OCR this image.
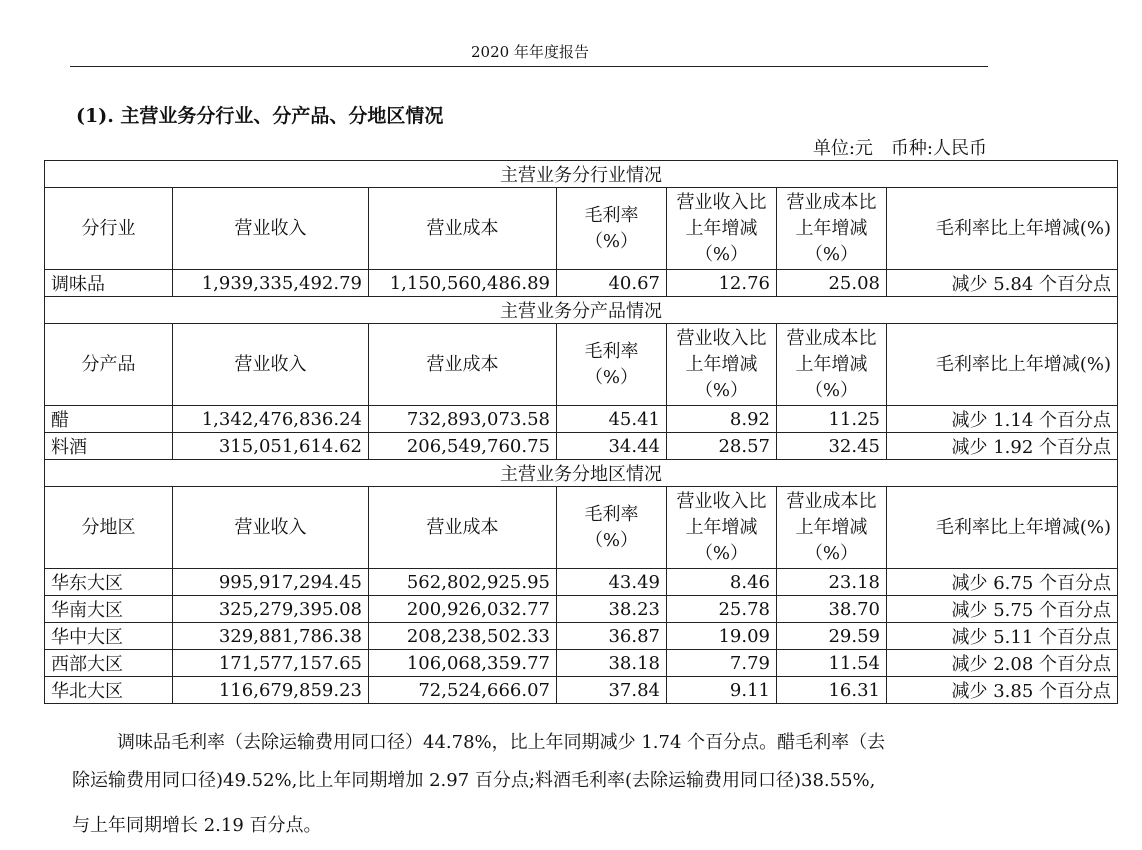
2020 年年度报告
(1). 主营业务分行业、分产品、分地区情况
单位:元　币种:人民币
主营业务分行业情况						
分行业	营业收入	营业成本	毛利率（%）	营业收入比上年增减（%）	营业成本比上年增减（%）	毛利率比上年增减(%)
调味品	1,939,335,492.79	1,150,560,486.89	40.67	12.76	25.08	减少 5.84 个百分点
主营业务分产品情况						
分产品	营业收入	营业成本	毛利率（%）	营业收入比上年增减（%）	营业成本比上年增减（%）	毛利率比上年增减(%)
醋	1,342,476,836.24	732,893,073.58	45.41	8.92	11.25	减少 1.14 个百分点
料酒	315,051,614.62	206,549,760.75	34.44	28.57	32.45	减少 1.92 个百分点
主营业务分地区情况						
分地区	营业收入	营业成本	毛利率（%）	营业收入比上年增减（%）	营业成本比上年增减（%）	毛利率比上年增减(%)
华东大区	995,917,294.45	562,802,925.95	43.49	8.46	23.18	减少 6.75 个百分点
华南大区	325,279,395.08	200,926,032.77	38.23	25.78	38.70	减少 5.75 个百分点
华中大区	329,881,786.38	208,238,502.33	36.87	19.09	29.59	减少 5.11 个百分点
西部大区	171,577,157.65	106,068,359.77	38.18	7.79	11.54	减少 2.08 个百分点
华北大区	116,679,859.23	72,524,666.07	37.84	9.11	16.31	减少 3.85 个百分点
调味品毛利率（去除运输费用同口径）44.78%，比上年同期减少 1.74 个百分点。醋毛利率（去
除运输费用同口径)49.52%,比上年同期增加 2.97 百分点;料酒毛利率(去除运输费用同口径)38.55%,
与上年同期增长 2.19 百分点。
